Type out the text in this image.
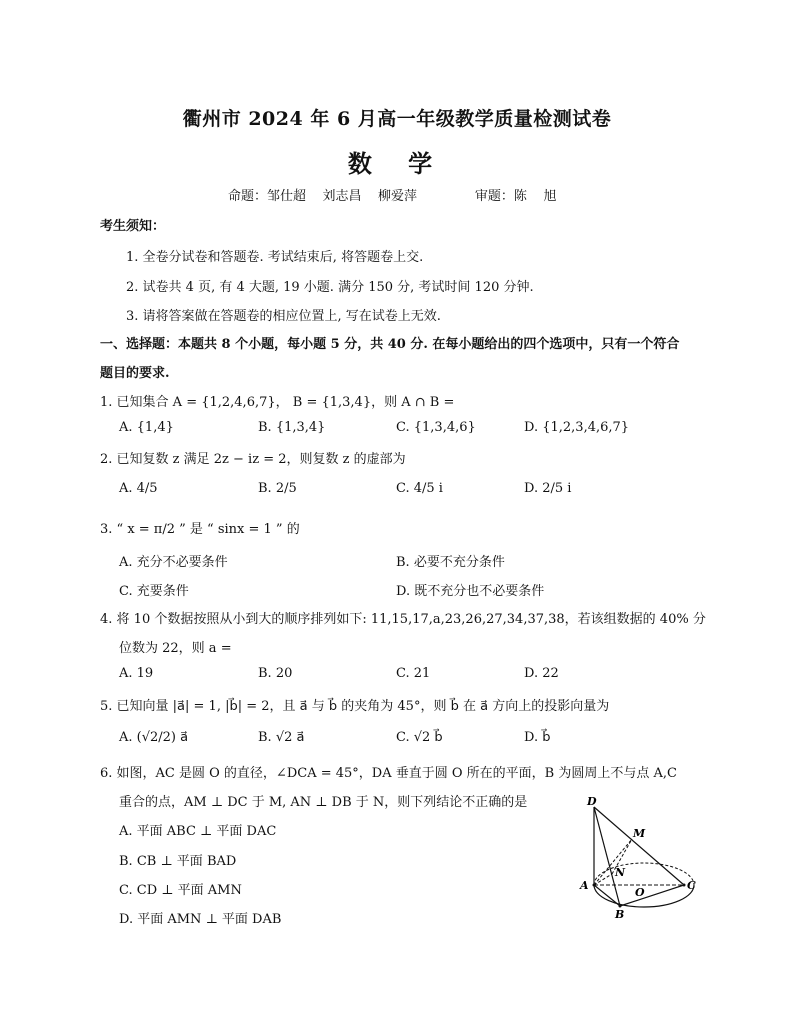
衢州市 2024 年 6 月高一年级教学质量检测试卷
数 学
命题：邹仕超    刘志昌    柳爱萍              审题：陈    旭
考生须知：
1. 全卷分试卷和答题卷. 考试结束后, 将答题卷上交.
2. 试卷共 4 页, 有 4 大题, 19 小题. 满分 150 分, 考试时间 120 分钟.
3. 请将答案做在答题卷的相应位置上, 写在试卷上无效.
一、选择题：本题共 8 个小题，每小题 5 分，共 40 分. 在每小题给出的四个选项中，只有一个符合
题目的要求.
1. 已知集合 A = {1,2,4,6,7}， B = {1,3,4}，则 A ∩ B =
A. {1,4}	B. {1,3,4}	C. {1,3,4,6}	D. {1,2,3,4,6,7}
2. 已知复数 z 满足 2z − iz = 2，则复数 z 的虚部为
A. 4/5	B. 2/5	C. 4/5 i	D. 2/5 i
3. “ x = π/2 ” 是 “ sinx = 1 ” 的
A. 充分不必要条件	B. 必要不充分条件
C. 充要条件	D. 既不充分也不必要条件
4. 将 10 个数据按照从小到大的顺序排列如下: 11,15,17,a,23,26,27,34,37,38，若该组数据的 40% 分
位数为 22，则 a =
A. 19	B. 20	C. 21	D. 22
5. 已知向量 |a⃗| = 1, |b⃗| = 2，且 a⃗ 与 b⃗ 的夹角为 45°，则 b⃗ 在 a⃗ 方向上的投影向量为
A. (√2/2) a⃗	B. √2 a⃗	C. √2 b⃗	D. b⃗
6. 如图，AC 是圆 O 的直径，∠DCA = 45°，DA 垂直于圆 O 所在的平面，B 为圆周上不与点 A,C
重合的点，AM ⊥ DC 于 M, AN ⊥ DB 于 N，则下列结论不正确的是
A. 平面 ABC ⊥ 平面 DAC
B. CB ⊥ 平面 BAD
C. CD ⊥ 平面 AMN
D. 平面 AMN ⊥ 平面 DAB
D
M
N
A
O
C
B
